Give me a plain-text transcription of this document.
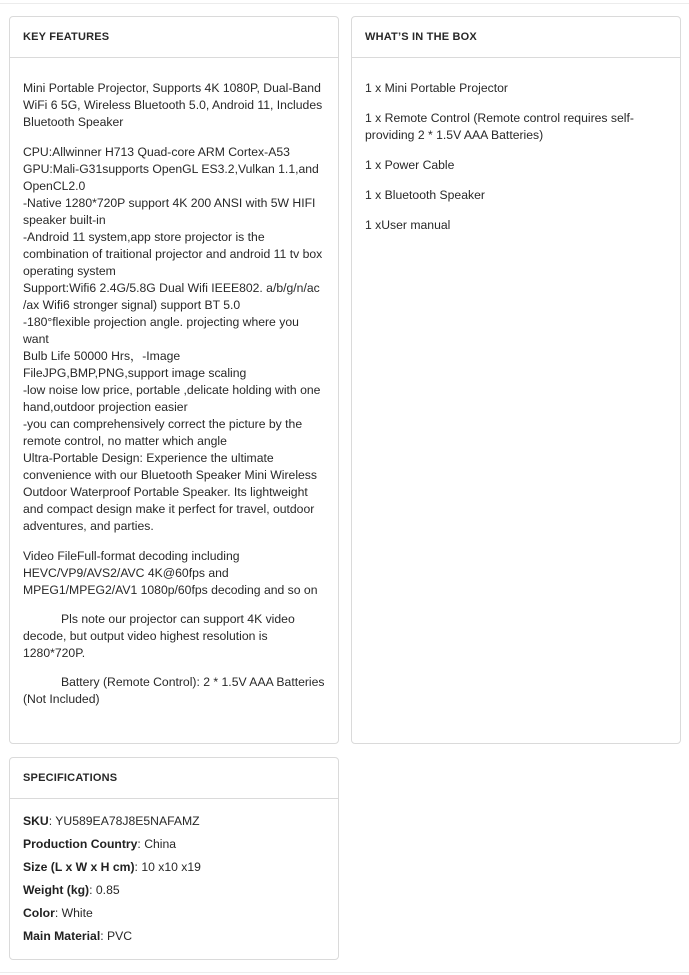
KEY FEATURES

Mini Portable Projector, Supports 4K 1080P, Dual-Band WiFi 6 5G, Wireless Bluetooth 5.0, Android 11, Includes Bluetooth Speaker

CPU:Allwinner H713 Quad-core ARM Cortex-A53
GPU:Mali-G31supports OpenGL ES3.2,Vulkan 1.1,and OpenCL2.0
-Native 1280*720P support 4K 200 ANSI with 5W HIFI speaker built-in
-Android 11 system,app store projector is the combination of traitional projector and android 11 tv box operating system
Support:Wifi6 2.4G/5.8G Dual Wifi IEEE802. a/b/g/n/ac /ax Wifi6 stronger signal) support BT 5.0
-180°flexible projection angle. projecting where you want
Bulb Life 50000 Hrs，-Image FileJPG,BMP,PNG,support image scaling
-low noise low price, portable ,delicate holding with one hand,outdoor projection easier
-you can comprehensively correct the picture by the remote control, no matter which angle
Ultra-Portable Design: Experience the ultimate convenience with our Bluetooth Speaker Mini Wireless Outdoor Waterproof Portable Speaker. Its lightweight and compact design make it perfect for travel, outdoor adventures, and parties.

Video FileFull-format decoding including HEVC/VP9/AVS2/AVC 4K@60fps and MPEG1/MPEG2/AV1 1080p/60fps decoding and so on

Pls note our projector can support 4K video decode, but output video highest resolution is 1280*720P.

Battery (Remote Control): 2 * 1.5V AAA Batteries (Not Included)

WHAT’S IN THE BOX
1 x Mini Portable Projector
1 x Remote Control (Remote control requires self-providing 2 * 1.5V AAA Batteries)
1 x Power Cable
1 x Bluetooth Speaker
1 xUser manual
SPECIFICATIONS
SKU: YU589EA78J8E5NAFAMZ
Production Country: China
Size (L x W x H cm): 10 x10 x19
Weight (kg): 0.85
Color: White
Main Material: PVC
